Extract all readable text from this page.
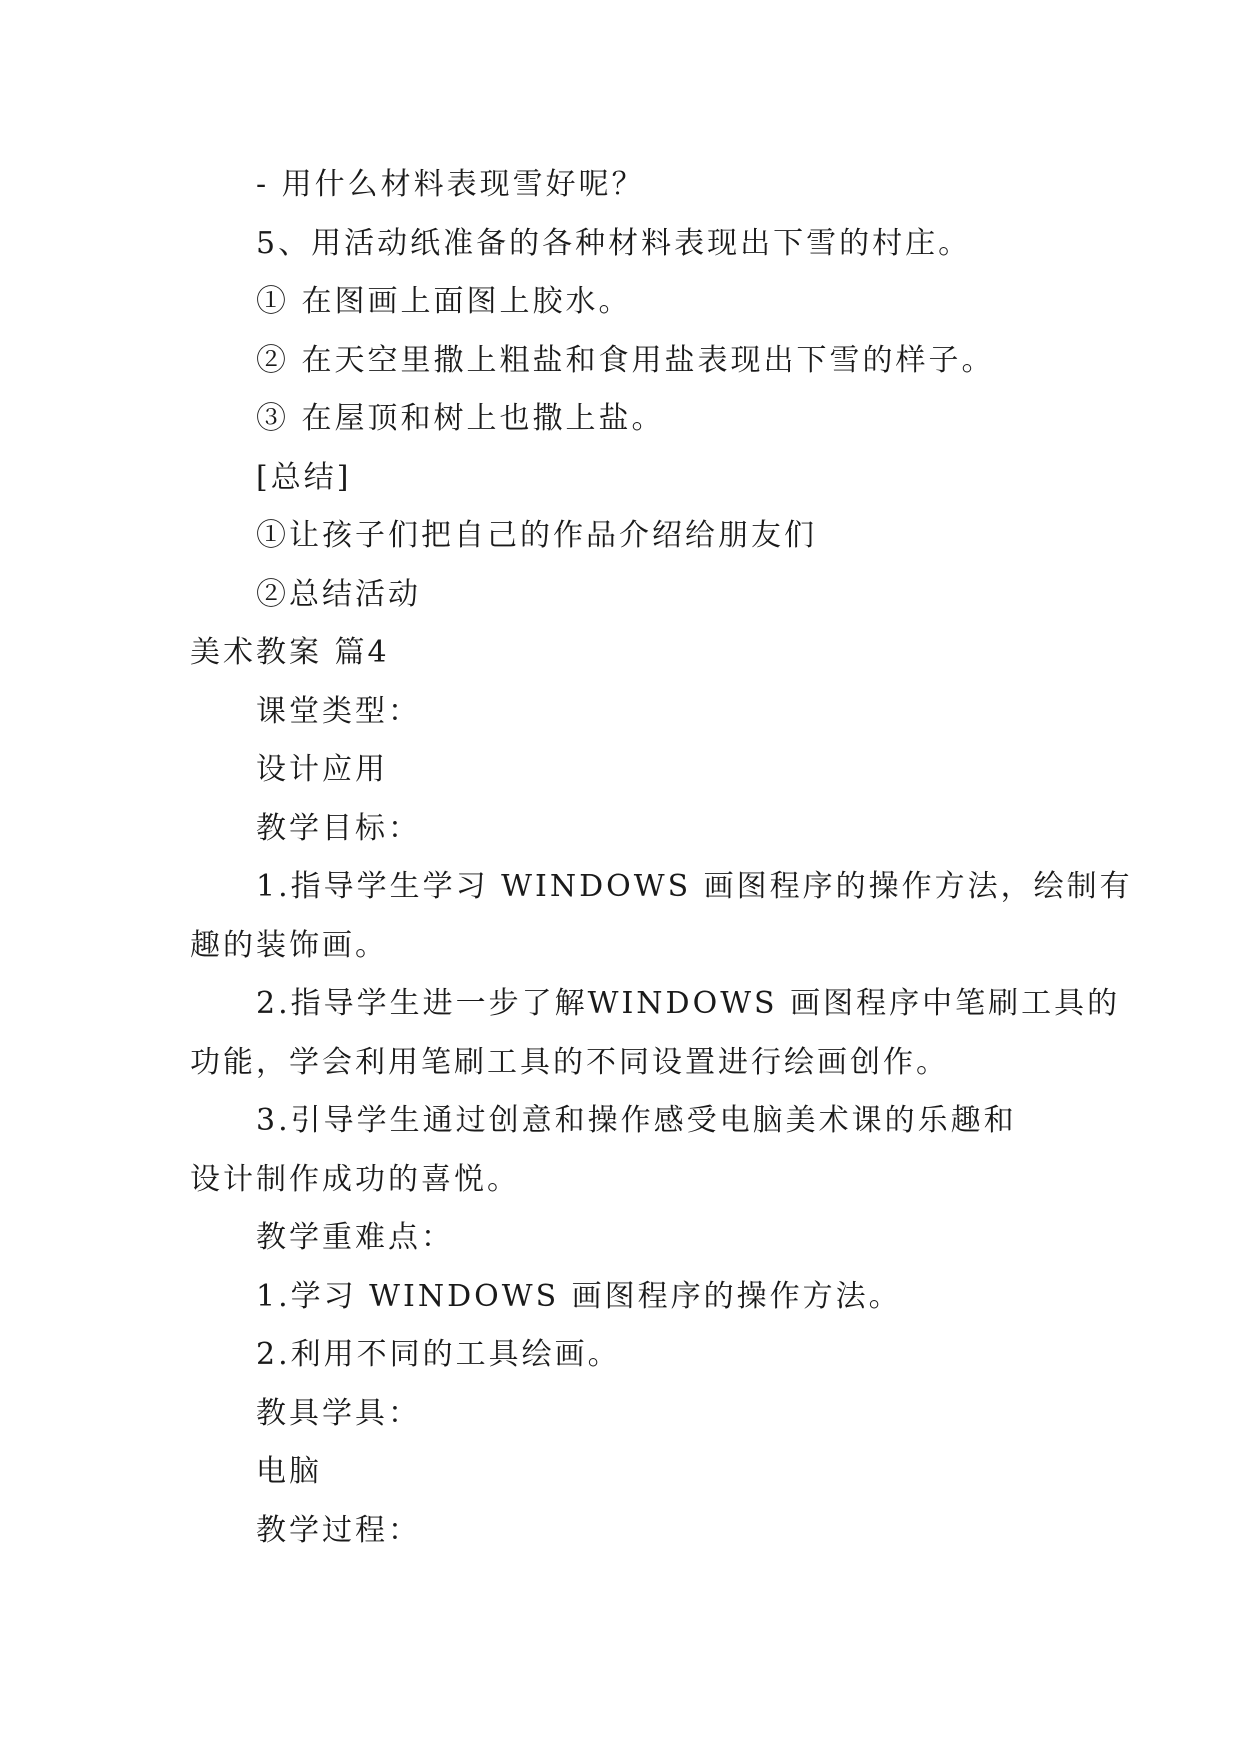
- 用什么材料表现雪好呢？
5、用活动纸准备的各种材料表现出下雪的村庄。
① 在图画上面图上胶水。
② 在天空里撒上粗盐和食用盐表现出下雪的样子。
③ 在屋顶和树上也撒上盐。
[总结]
①让孩子们把自己的作品介绍给朋友们
②总结活动
美术教案 篇4
课堂类型：
设计应用
教学目标：
1.指导学生学习 WINDOWS 画图程序的操作方法，绘制有
趣的装饰画。
2.指导学生进一步了解WINDOWS 画图程序中笔刷工具的
功能，学会利用笔刷工具的不同设置进行绘画创作。
3.引导学生通过创意和操作感受电脑美术课的乐趣和
设计制作成功的喜悦。
教学重难点：
1.学习 WINDOWS 画图程序的操作方法。
2.利用不同的工具绘画。
教具学具：
电脑
教学过程：
